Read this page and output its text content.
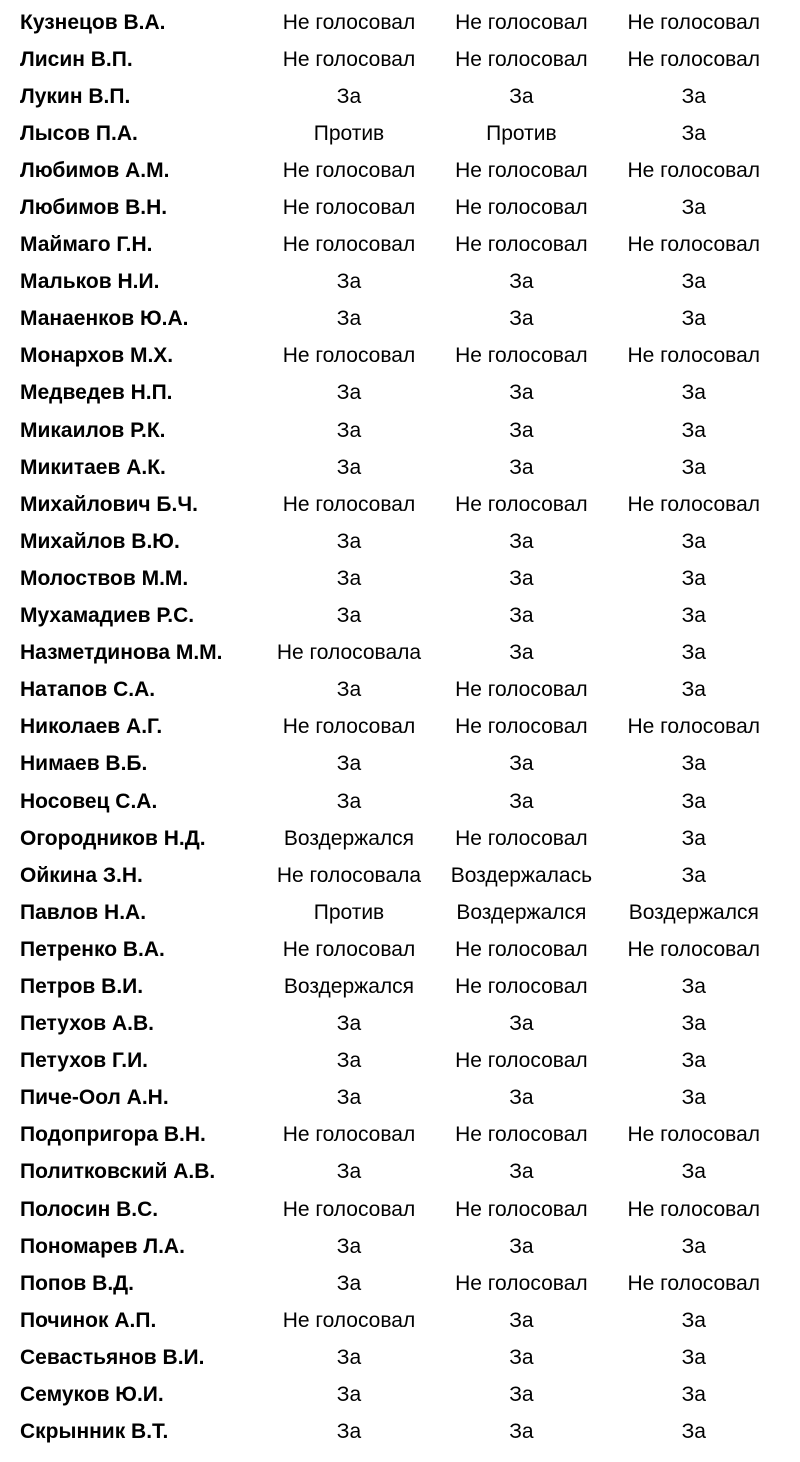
Кузнецов В.А.	Не голосовал	Не голосовал	Не голосовал
Лисин В.П.	Не голосовал	Не голосовал	Не голосовал
Лукин В.П.	За	За	За
Лысов П.А.	Против	Против	За
Любимов А.М.	Не голосовал	Не голосовал	Не голосовал
Любимов В.Н.	Не голосовал	Не голосовал	За
Маймаго Г.Н.	Не голосовал	Не голосовал	Не голосовал
Мальков Н.И.	За	За	За
Манаенков Ю.А.	За	За	За
Монархов М.Х.	Не голосовал	Не голосовал	Не голосовал
Медведев Н.П.	За	За	За
Микаилов Р.К.	За	За	За
Микитаев А.К.	За	За	За
Михайлович Б.Ч.	Не голосовал	Не голосовал	Не голосовал
Михайлов В.Ю.	За	За	За
Молоствов М.М.	За	За	За
Мухамадиев Р.С.	За	За	За
Назметдинова М.М.	Не голосовала	За	За
Натапов С.А.	За	Не голосовал	За
Николаев А.Г.	Не голосовал	Не голосовал	Не голосовал
Нимаев В.Б.	За	За	За
Носовец С.А.	За	За	За
Огородников Н.Д.	Воздержался	Не голосовал	За
Ойкина З.Н.	Не голосовала	Воздержалась	За
Павлов Н.А.	Против	Воздержался	Воздержался
Петренко В.А.	Не голосовал	Не голосовал	Не голосовал
Петров В.И.	Воздержался	Не голосовал	За
Петухов А.В.	За	За	За
Петухов Г.И.	За	Не голосовал	За
Пиче-Оол А.Н.	За	За	За
Подопригора В.Н.	Не голосовал	Не голосовал	Не голосовал
Политковский А.В.	За	За	За
Полосин В.С.	Не голосовал	Не голосовал	Не голосовал
Пономарев Л.А.	За	За	За
Попов В.Д.	За	Не голосовал	Не голосовал
Починок А.П.	Не голосовал	За	За
Севастьянов В.И.	За	За	За
Семуков Ю.И.	За	За	За
Скрынник В.Т.	За	За	За
